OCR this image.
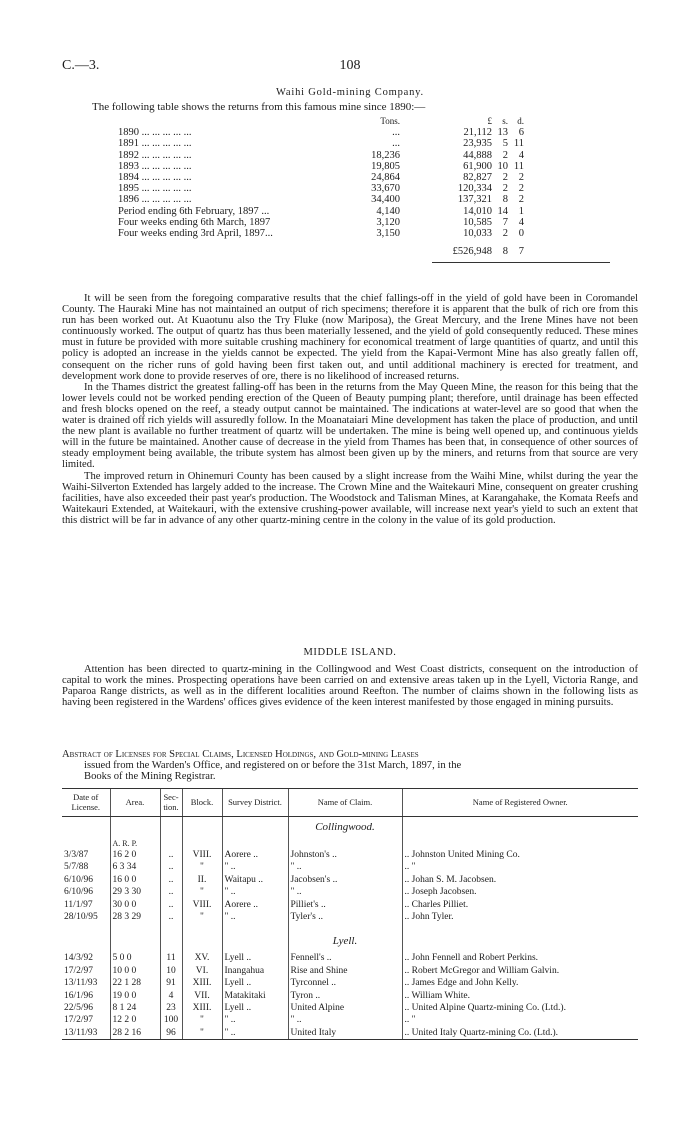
C.—3.	108
Waihi Gold-mining Company.
The following table shows the returns from this famous mine since 1890:—
	Tons.	£	s.	d.
1890 ... ... ... ... ...	...	21,112	13	6
1891 ... ... ... ... ...	...	23,935	5	11
1892 ... ... ... ... ...	18,236	44,888	2	4
1893 ... ... ... ... ...	19,805	61,900	10	11
1894 ... ... ... ... ...	24,864	82,827	2	2
1895 ... ... ... ... ...	33,670	120,334	2	2
1896 ... ... ... ... ...	34,400	137,321	8	2
Period ending 6th February, 1897 ...	4,140	14,010	14	1
Four weeks ending 6th March, 1897	3,120	10,585	7	4
Four weeks ending 3rd April, 1897...	3,150	10,033	2	0
		£526,948	8	7

It will be seen from the foregoing comparative results that the chief fallings-off in the yield of gold have been in Coromandel County. The Hauraki Mine has not maintained an output of rich specimens; therefore it is apparent that the bulk of rich ore from this run has been worked out. At Kuaotunu also the Try Fluke (now Mariposa), the Great Mercury, and the Irene Mines have not been continuously worked. The output of quartz has thus been materially lessened, and the yield of gold consequently reduced. These mines must in future be provided with more suitable crushing machinery for economical treatment of large quantities of quartz, and until this policy is adopted an increase in the yields cannot be expected. The yield from the Kapai-Vermont Mine has also greatly fallen off, consequent on the richer runs of gold having been first taken out, and until additional machinery is erected for treatment, and development work done to provide reserves of ore, there is no likelihood of increased returns.

In the Thames district the greatest falling-off has been in the returns from the May Queen Mine, the reason for this being that the lower levels could not be worked pending erection of the Queen of Beauty pumping plant; therefore, until drainage has been effected and fresh blocks opened on the reef, a steady output cannot be maintained. The indications at water-level are so good that when the water is drained off rich yields will assuredly follow. In the Moanataiari Mine development has taken the place of production, and until the new plant is available no further treatment of quartz will be undertaken. The mine is being well opened up, and continuous yields will in the future be maintained. Another cause of decrease in the yield from Thames has been that, in consequence of other sources of steady employment being available, the tribute system has almost been given up by the miners, and returns from that source are very limited.

The improved return in Ohinemuri County has been caused by a slight increase from the Waihi Mine, whilst during the year the Waihi-Silverton Extended has largely added to the increase. The Crown Mine and the Waitekauri Mine, consequent on greater crushing facilities, have also exceeded their past year's production. The Woodstock and Talisman Mines, at Karangahake, the Komata Reefs and Waitekauri Extended, at Waitekauri, with the extensive crushing-power available, will increase next year's yield to such an extent that this district will be far in advance of any other quartz-mining centre in the colony in the value of its gold production.

MIDDLE ISLAND.

Attention has been directed to quartz-mining in the Collingwood and West Coast districts, consequent on the introduction of capital to work the mines. Prospecting operations have been carried on and extensive areas taken up in the Lyell, Victoria Range, and Paparoa Range districts, as well as in the different localities around Reefton. The number of claims shown in the following lists as having been registered in the Wardens' offices gives evidence of the keen interest manifested by those engaged in mining pursuits.

Abstract of Licenses for Special Claims, Licensed Holdings, and Gold-mining Leases
issued from the Warden's Office, and registered on or before the 31st March, 1897, in the
Books of the Mining Registrar.
Date of License.	Area.	Sec- tion.	Block.	Survey District.	Name of Claim.	Name of Registered Owner.
					Collingwood.	
	A. R. P.					
3/3/87	16 2 0	..	VIII.	Aorere ..	Johnston's ..	.. Johnston United Mining Co.
5/7/88	6 3 34	..	"	" ..	" ..	.. "
6/10/96	16 0 0	..	II.	Waitapu ..	Jacobsen's ..	.. Johan S. M. Jacobsen.
6/10/96	29 3 30	..	"	" ..	" ..	.. Joseph Jacobsen.
11/1/97	30 0 0	..	VIII.	Aorere ..	Pilliet's ..	.. Charles Pilliet.
28/10/95	28 3 29	..	"	" ..	Tyler's ..	.. John Tyler.

					Lyell.	
14/3/92	5 0 0	11	XV.	Lyell ..	Fennell's ..	.. John Fennell and Robert Perkins.
17/2/97	10 0 0	10	VI.	Inangahua	Rise and Shine	.. Robert McGregor and William Galvin.
13/11/93	22 1 28	91	XIII.	Lyell ..	Tyrconnel ..	.. James Edge and John Kelly.
16/1/96	19 0 0	4	VII.	Matakitaki	Tyron ..	.. William White.
22/5/96	8 1 24	23	XIII.	Lyell ..	United Alpine	.. United Alpine Quartz-mining Co. (Ltd.).
17/2/97	12 2 0	100	"	" ..	" ..	.. "
13/11/93	28 2 16	96	"	" ..	United Italy	.. United Italy Quartz-mining Co. (Ltd.).
